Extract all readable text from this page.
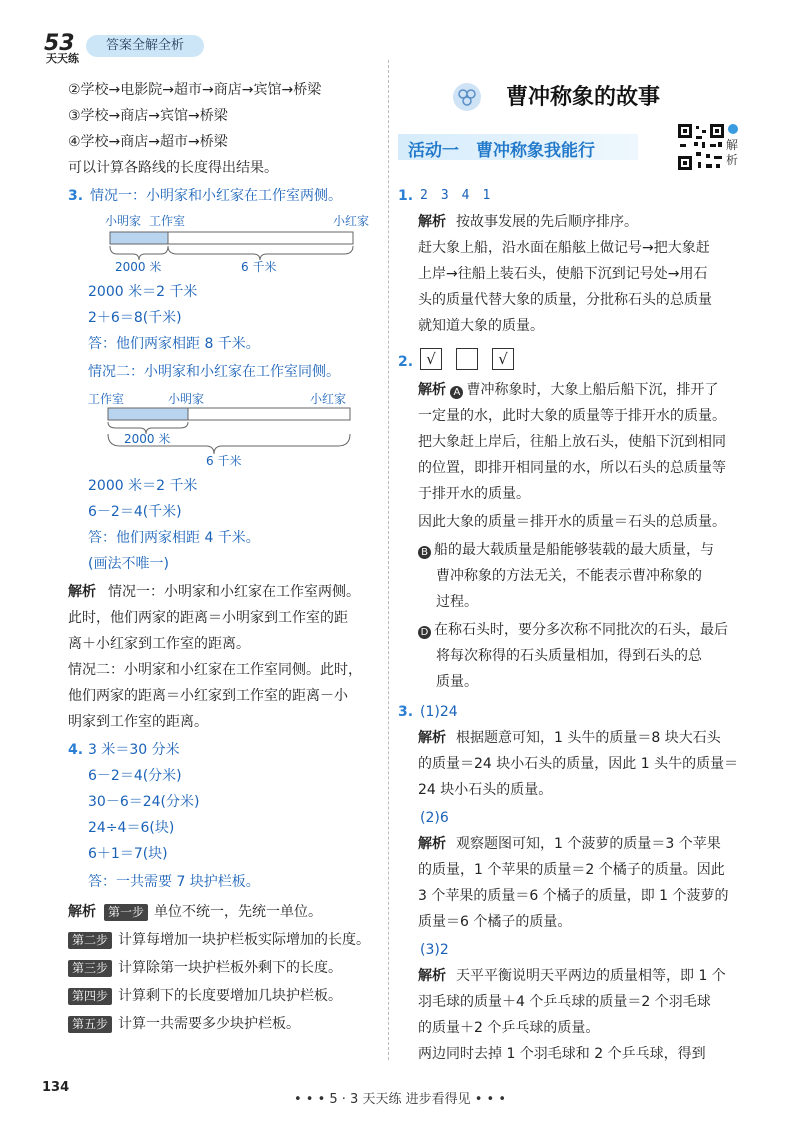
53
天天练
答案全解全析
②学校→电影院→超市→商店→宾馆→桥梁
③学校→商店→宾馆→桥梁
④学校→商店→超市→桥梁
可以计算各路线的长度得出结果。
3. 情况一：小明家和小红家在工作室两侧。
小明家 工作室	小红家
2000 米	6 千米
2000 米＝2 千米
2＋6＝8(千米)
答：他们两家相距 8 千米。
情况二：小明家和小红家在工作室同侧。
工作室	小明家	小红家
2000 米
6 千米
2000 米＝2 千米
6－2＝4(千米)
答：他们两家相距 4 千米。
(画法不唯一)
解析 情况一：小明家和小红家在工作室两侧。
此时，他们两家的距离＝小明家到工作室的距
离＋小红家到工作室的距离。
情况二：小明家和小红家在工作室同侧。此时，
他们两家的距离＝小红家到工作室的距离－小
明家到工作室的距离。
4. 3 米＝30 分米
6－2＝4(分米)
30－6＝24(分米)
24÷4＝6(块)
6＋1＝7(块)
答：一共需要 7 块护栏板。
解析	第一步 单位不统一，先统一单位。
第二步 计算每增加一块护栏板实际增加的长度。
第三步 计算除第一块护栏板外剩下的长度。
第四步 计算剩下的长度要增加几块护栏板。
第五步 计算一共需要多少块护栏板。
曹冲称象的故事
活动一　曹冲称象我能行	解析
1. 2　3　4　1
解析 按故事发展的先后顺序排序。
赶大象上船，沿水面在船舷上做记号→把大象赶
上岸→往船上装石头，使船下沉到记号处→用石
头的质量代替大象的质量，分批称石头的总质量
就知道大象的质量。
2. √	√
解析 A 曹冲称象时，大象上船后船下沉，排开了
一定量的水，此时大象的质量等于排开水的质量。
把大象赶上岸后，往船上放石头，使船下沉到相同
的位置，即排开相同量的水，所以石头的总质量等
于排开水的质量。
因此大象的质量＝排开水的质量＝石头的总质量。
B 船的最大载质量是船能够装载的最大质量，与
曹冲称象的方法无关，不能表示曹冲称象的
过程。
D 在称石头时，要分多次称不同批次的石头，最后
将每次称得的石头质量相加，得到石头的总
质量。
3. (1)24
解析 根据题意可知，1 头牛的质量＝8 块大石头
的质量＝24 块小石头的质量，因此 1 头牛的质量＝
24 块小石头的质量。
(2)6
解析 观察题图可知，1 个菠萝的质量＝3 个苹果
的质量，1 个苹果的质量＝2 个橘子的质量。因此
3 个苹果的质量＝6 个橘子的质量，即 1 个菠萝的
质量＝6 个橘子的质量。
(3)2
解析 天平平衡说明天平两边的质量相等，即 1 个
羽毛球的质量＋4 个乒乓球的质量＝2 个羽毛球
的质量＋2 个乒乓球的质量。
两边同时去掉 1 个羽毛球和 2 个乒乓球，得到
134
• • • 5 · 3 天天练 进步看得见 • • •
